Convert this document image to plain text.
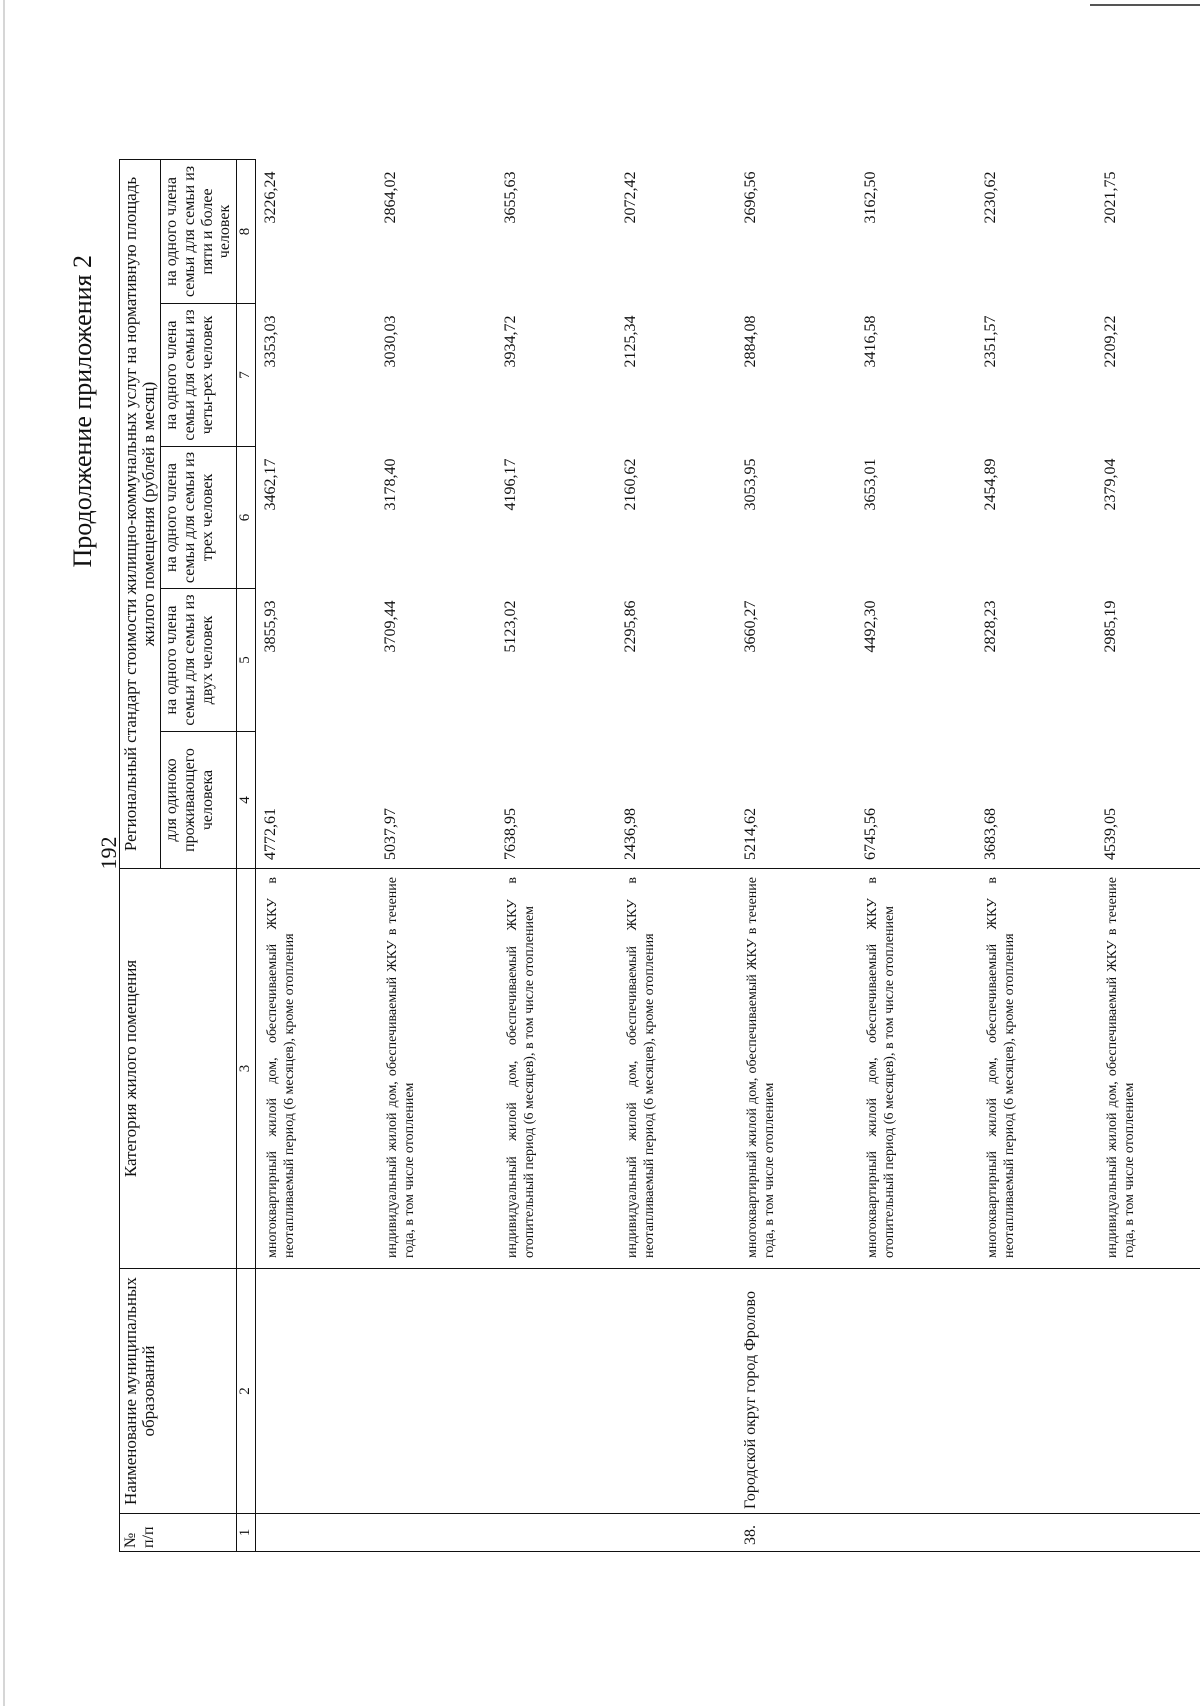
192
Продолжение приложения 2
№ п/п	Наименование муниципальных образований	Категория жилого помещения	Региональный стандарт стоимости жилищно-коммунальных услуг на нормативную площадь жилого помещения (рублей в месяц)				
			для одиноко проживающего человека	на одного члена семьи для семьи из двух человек	на одного члена семьи для семьи из трех человек	на одного члена семьи для семьи из четы-рех человек	на одного члена семьи для семьи из пяти и более человек
1	2	3	4	5	6	7	8
		многоквартирный жилой дом, обеспечиваемый ЖКУ в неотапливаемый период (6 месяцев), кроме отопления	4772,61	3855,93	3462,17	3353,03	3226,24
		индивидуальный жилой дом, обеспечиваемый ЖКУ в течение года, в том числе отоплением	5037,97	3709,44	3178,40	3030,03	2864,02
		индивидуальный жилой дом, обеспечиваемый ЖКУ в отопительный период (6 месяцев), в том числе отоплением	7638,95	5123,02	4196,17	3934,72	3655,63
		индивидуальный жилой дом, обеспечиваемый ЖКУ в неотапливаемый период (6 месяцев), кроме отопления	2436,98	2295,86	2160,62	2125,34	2072,42
38.	Городской округ город Фролово	многоквартирный жилой дом, обеспечиваемый ЖКУ в течение года, в том числе отоплением	5214,62	3660,27	3053,95	2884,08	2696,56
		многоквартирный жилой дом, обеспечиваемый ЖКУ в отопительный период (6 месяцев), в том числе отоплением	6745,56	4492,30	3653,01	3416,58	3162,50
		многоквартирный жилой дом, обеспечиваемый ЖКУ в неотапливаемый период (6 месяцев), кроме отопления	3683,68	2828,23	2454,89	2351,57	2230,62
		индивидуальный жилой дом, обеспечиваемый ЖКУ в течение года, в том числе отоплением	4539,05	2985,19	2379,04	2209,22	2021,75
